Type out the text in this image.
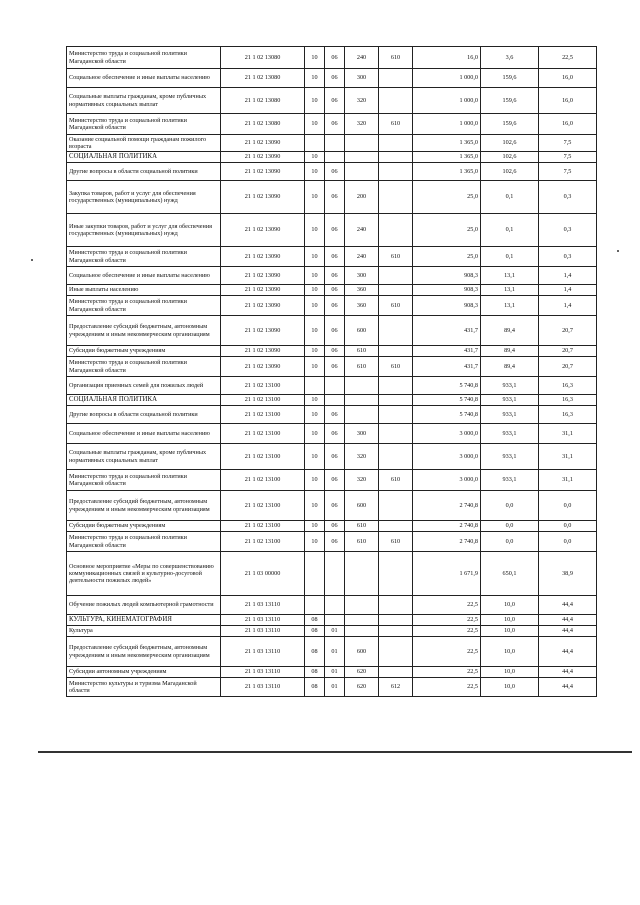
Министерство труда и социальной политики Магаданской области	21 1 02 13080	10	06	240	610	16,0	3,6	22,5
Социальное обеспечение и иные выплаты населению	21 1 02 13080	10	06	300		1 000,0	159,6	16,0
Социальные выплаты гражданам, кроме публичных нормативных социальных выплат	21 1 02 13080	10	06	320		1 000,0	159,6	16,0
Министерство труда и социальной политики Магаданской области	21 1 02 13080	10	06	320	610	1 000,0	159,6	16,0
Оказание социальной помощи гражданам пожилого возраста	21 1 02 13090					1 365,0	102,6	7,5
СОЦИАЛЬНАЯ ПОЛИТИКА	21 1 02 13090	10				1 365,0	102,6	7,5
Другие вопросы в области социальной политики	21 1 02 13090	10	06			1 365,0	102,6	7,5
Закупка товаров, работ и услуг для обеспечения государственных (муниципальных) нужд	21 1 02 13090	10	06	200		25,0	0,1	0,3
Иные закупки товаров, работ и услуг для обеспечения государственных (муниципальных) нужд	21 1 02 13090	10	06	240		25,0	0,1	0,3
Министерство труда и социальной политики Магаданской области	21 1 02 13090	10	06	240	610	25,0	0,1	0,3
Социальное обеспечение и иные выплаты населению	21 1 02 13090	10	06	300		908,3	13,1	1,4
Иные выплаты населению	21 1 02 13090	10	06	360		908,3	13,1	1,4
Министерство труда и социальной политики Магаданской области	21 1 02 13090	10	06	360	610	908,3	13,1	1,4
Предоставление субсидий бюджетным, автономным учреждениям и иным некоммерческим организациям	21 1 02 13090	10	06	600		431,7	89,4	20,7
Субсидии бюджетным учреждениям	21 1 02 13090	10	06	610		431,7	89,4	20,7
Министерство труда и социальной политики Магаданской области	21 1 02 13090	10	06	610	610	431,7	89,4	20,7
Организация приемных семей для пожилых людей	21 1 02 13100					5 740,8	933,1	16,3
СОЦИАЛЬНАЯ ПОЛИТИКА	21 1 02 13100	10				5 740,8	933,1	16,3
Другие вопросы в области социальной политики	21 1 02 13100	10	06			5 740,8	933,1	16,3
Социальное обеспечение и иные выплаты населению	21 1 02 13100	10	06	300		3 000,0	933,1	31,1
Социальные выплаты гражданам, кроме публичных нормативных социальных выплат	21 1 02 13100	10	06	320		3 000,0	933,1	31,1
Министерство труда и социальной политики Магаданской области	21 1 02 13100	10	06	320	610	3 000,0	933,1	31,1
Предоставление субсидий бюджетным, автономным учреждениям и иным некоммерческим организациям	21 1 02 13100	10	06	600		2 740,8	0,0	0,0
Субсидии бюджетным учреждениям	21 1 02 13100	10	06	610		2 740,8	0,0	0,0
Министерство труда и социальной политики Магаданской области	21 1 02 13100	10	06	610	610	2 740,8	0,0	0,0
Основное мероприятие «Меры по совершенствованию коммуникационных связей и культурно-досуговой деятельности пожилых людей»	21 1 03 00000					1 671,9	650,1	38,9
Обучение пожилых людей компьютерной грамотности	21 1 03 13110					22,5	10,0	44,4
КУЛЬТУРА, КИНЕМАТОГРАФИЯ	21 1 03 13110	08				22,5	10,0	44,4
Культура	21 1 03 13110	08	01			22,5	10,0	44,4
Предоставление субсидий бюджетным, автономным учреждениям и иным некоммерческим организациям	21 1 03 13110	08	01	600		22,5	10,0	44,4
Субсидии автономным учреждениям	21 1 03 13110	08	01	620		22,5	10,0	44,4
Министерство культуры и туризма Магаданской области	21 1 03 13110	08	01	620	612	22,5	10,0	44,4
